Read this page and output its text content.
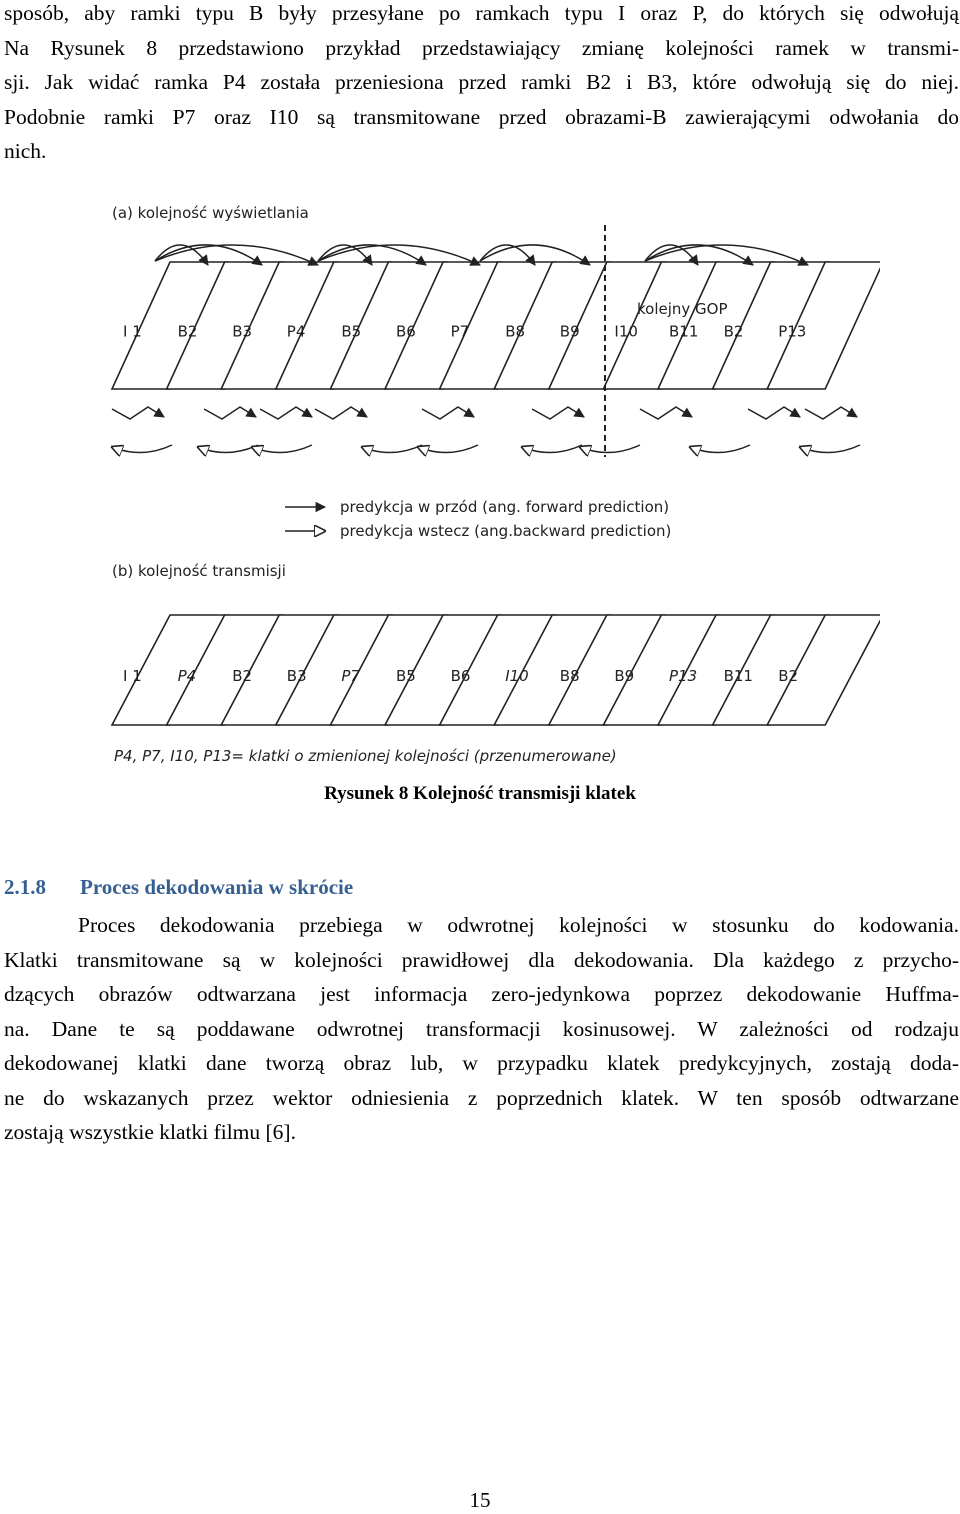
sposób, aby ramki typu B były przesyłane po ramkach typu I oraz P, do których się odwołują
Na Rysunek 8 przedstawiono przykład przedstawiający zmianę kolejności ramek w transmi-
sji. Jak widać ramka P4 została przeniesiona przed ramki B2 i B3, które odwołują się do niej.
Podobnie ramki P7 oraz I10 są transmitowane przed obrazami-B zawierającymi odwołania do
nich.
(a) kolejność wyświetlania
I 1 B2 B3 P4 B5 B6 P7 B8 B9 I10 B11 B2 P13
kolejny GOP
predykcja w przód (ang. forward prediction)
predykcja wstecz (ang.backward prediction)
(b) kolejność transmisji
I 1 P4 B2 B3 P7 B5 B6 I10 B8 B9 P13 B11 B2
P4, P7, I10, P13= klatki o zmienionej kolejności (przenumerowane)
Rysunek 8 Kolejność transmisji klatek
2.1.8 Proces dekodowania w skrócie
Proces dekodowania przebiega w odwrotnej kolejności w stosunku do kodowania.
Klatki transmitowane są w kolejności prawidłowej dla dekodowania. Dla każdego z przycho-
dzących obrazów odtwarzana jest informacja zero-jedynkowa poprzez dekodowanie Huffma-
na. Dane te są poddawane odwrotnej transformacji kosinusowej. W zależności od rodzaju
dekodowanej klatki dane tworzą obraz lub, w przypadku klatek predykcyjnych, zostają doda-
ne do wskazanych przez wektor odniesienia z poprzednich klatek. W ten sposób odtwarzane
zostają wszystkie klatki filmu [6].
15
